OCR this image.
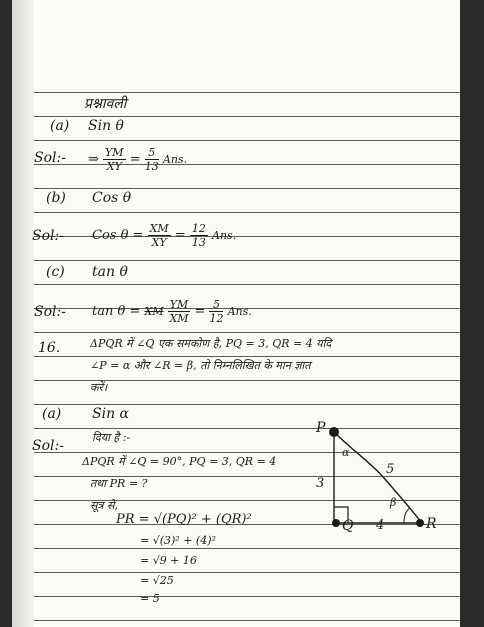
प्रश्नावली
(a) Sin θ
Sol:- ⇒ $\frac{YM}{XY} = \frac{5}{13}$ Ans.
(b) Cos θ
Sol:- Cos $\theta = \frac{XM}{XY} = \frac{12}{13}$ Ans.
(c) tan θ
Sol:- tan θ = XM $\frac{YM}{XM} = \frac{5}{12}$ Ans.
16.	ΔPQR में ∠Q एक समकोण है, PQ = 3, QR = 4 यदि
∠P = α और ∠R = β, तो निम्नलिखित के मान ज्ञात
करें।
(a) Sin α
Sol:-
दिया है :-
ΔPQR में ∠Q = 90°, PQ = 3, QR = 4
तथा PR = ?
सूत्र से,
PR = √(PQ)² + (QR)²
= √(3)² + (4)²
= √9 + 16
= √25
= 5
P
Q	R
α
β
3
4
5
